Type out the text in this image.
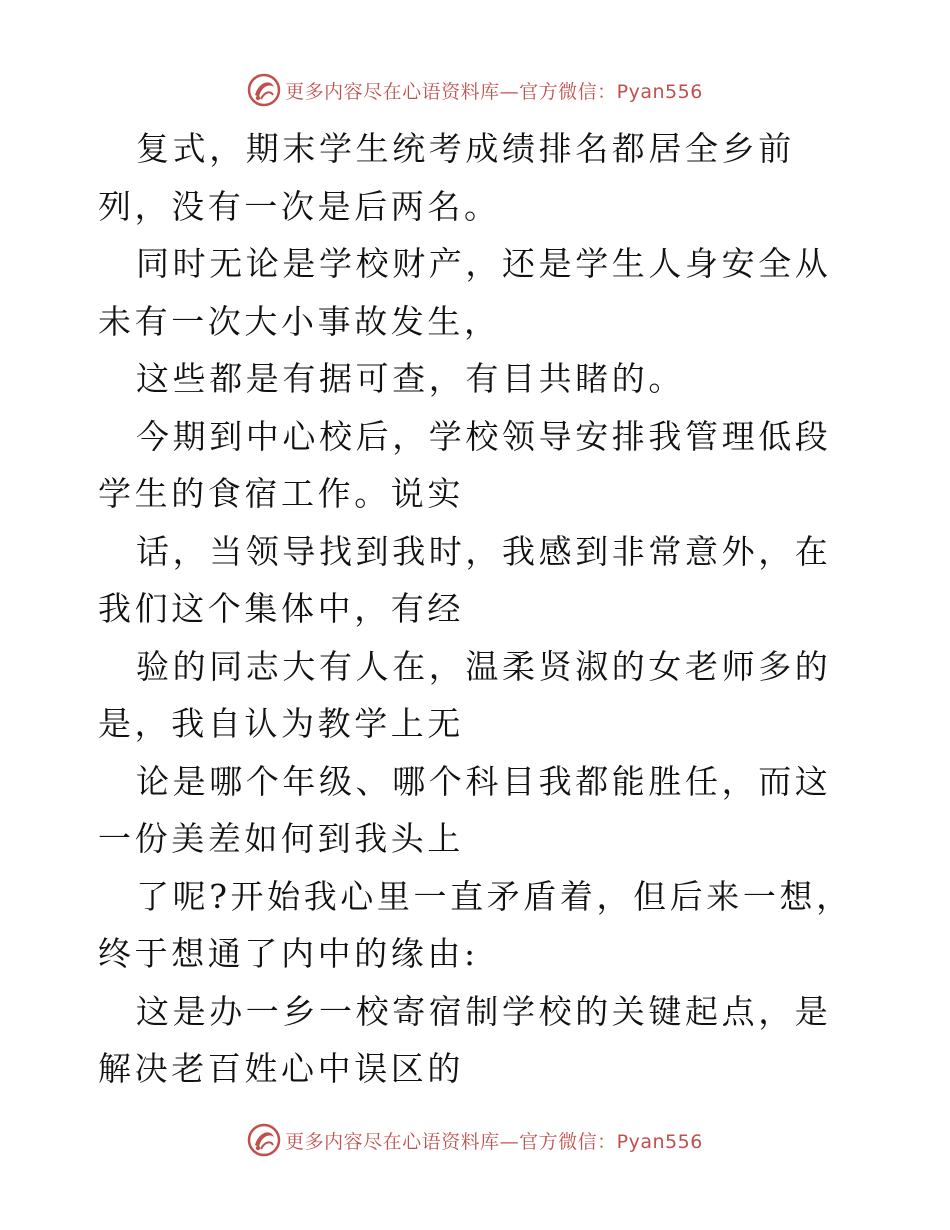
更多内容尽在心语资料库—官方微信：Pyan556

复式，期末学生统考成绩排名都居全乡前列，没有一次是后两名。

同时无论是学校财产，还是学生人身安全从未有一次大小事故发生，

这些都是有据可查，有目共睹的。

今期到中心校后，学校领导安排我管理低段学生的食宿工作。说实

话，当领导找到我时，我感到非常意外，在我们这个集体中，有经

验的同志大有人在，温柔贤淑的女老师多的是，我自认为教学上无

论是哪个年级、哪个科目我都能胜任，而这一份美差如何到我头上

了呢?开始我心里一直矛盾着，但后来一想，终于想通了内中的缘由:

这是办一乡一校寄宿制学校的关键起点，是解决老百姓心中误区的

更多内容尽在心语资料库—官方微信：Pyan556
